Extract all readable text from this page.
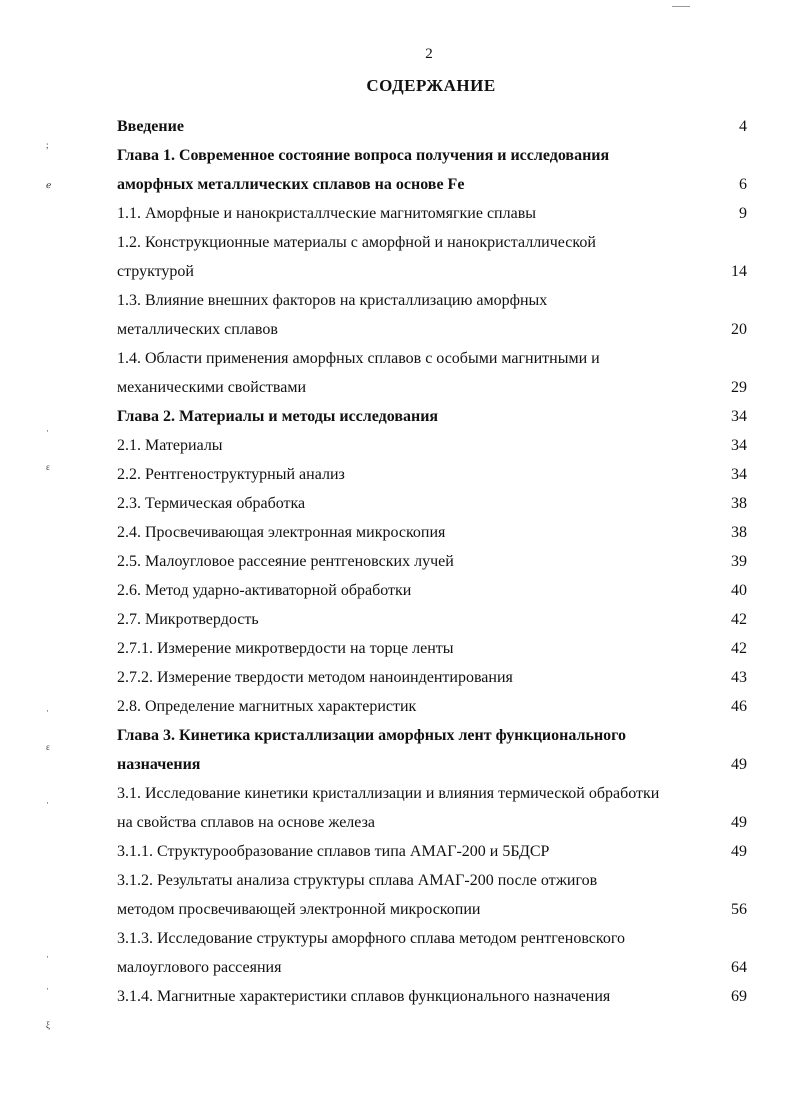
2
СОДЕРЖАНИЕ
Введение	4
Глава 1. Современное состояние вопроса получения и исследования
аморфных металлических сплавов на основе Fe	6
1.1. Аморфные и нанокристаллческие магнитомягкие сплавы	9
1.2. Конструкционные материалы с аморфной и нанокристаллической
структурой	14
1.3. Влияние внешних факторов на кристаллизацию аморфных
металлических сплавов	20
1.4. Области применения аморфных сплавов с особыми магнитными и
механическими свойствами	29
Глава 2. Материалы и методы исследования	34
2.1. Материалы	34
2.2. Рентгеноструктурный анализ	34
2.3. Термическая обработка	38
2.4. Просвечивающая электронная микроскопия	38
2.5. Малоугловое рассеяние рентгеновских лучей	39
2.6. Метод ударно-активаторной обработки	40
2.7. Микротвердость	42
2.7.1. Измерение микротвердости на торце ленты	42
2.7.2. Измерение твердости методом наноиндентирования	43
2.8. Определение магнитных характеристик	46
Глава 3. Кинетика кристаллизации аморфных лент функционального
назначения	49
3.1. Исследование кинетики кристаллизации и влияния термической обработки
на свойства сплавов на основе железа	49
3.1.1. Структурообразование сплавов типа АМАГ-200 и 5БДСР	49
3.1.2. Результаты анализа структуры сплава АМАГ-200 после отжигов
методом просвечивающей электронной микроскопии	56
3.1.3. Исследование структуры аморфного сплава методом рентгеновского
малоуглового рассеяния	64
3.1.4. Магнитные характеристики сплавов функционального назначения	69
;
ℯ
·
ɛ
·
ɛ
·
·
·
ξ
